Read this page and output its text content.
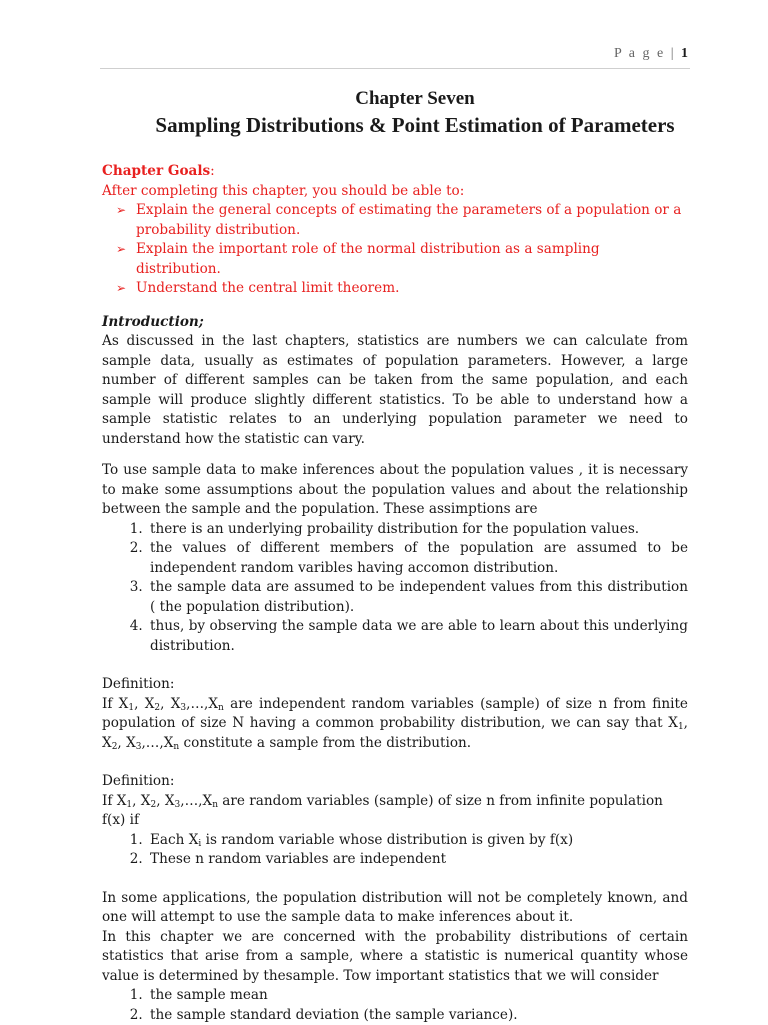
P a g e | 1
Chapter Seven
Sampling Distributions & Point Estimation of Parameters
Chapter Goals:
After completing this chapter, you should be able to:
➢ Explain the general concepts of estimating the parameters of a population or a probability distribution.
➢ Explain the important role of the normal distribution as a sampling distribution.
➢ Understand the central limit theorem.
Introduction;

As discussed in the last chapters, statistics are numbers we can calculate from sample data, usually as estimates of population parameters. However, a large number of different samples can be taken from the same population, and each sample will produce slightly different statistics. To be able to understand how a sample statistic relates to an underlying population parameter we need to understand how the statistic can vary.

To use sample data to make inferences about the population values , it is necessary to make some assumptions about the population values and about the relationship between the sample and the population. These assimptions are

1. there is an underlying probaility distribution for the population values.
2. the values of different members of the population are assumed to be independent random varibles having accomon distribution.
3. the sample data are assumed to be independent values from this distribution ( the population distribution).
4. thus, by observing the sample data we are able to learn about this underlying distribution.

Definition:

If $X_1$, $X_2$, $X_3,\dots,X_n$ are independent random variables (sample) of size n from finite population of size N having a common probability distribution, we can say that $X_1$, $X_2$, $X_3,\dots,X_n$ constitute a sample from the distribution.

Definition:

If $X_1$, $X_2$, $X_3,\dots,X_n$ are random variables (sample) of size n from infinite population f(x) if

1. Each $X_i$ is random variable whose distribution is given by f(x)
2. These n random variables are independent

In some applications, the population distribution will not be completely known, and one will attempt to use the sample data to make inferences about it.

In this chapter we are concerned with the probability distributions of certain statistics that arise from a sample, where a statistic is numerical quantity whose value is determined by thesample. Tow important statistics that we will consider

1. the sample mean
2. the sample standard deviation (the sample variance).
